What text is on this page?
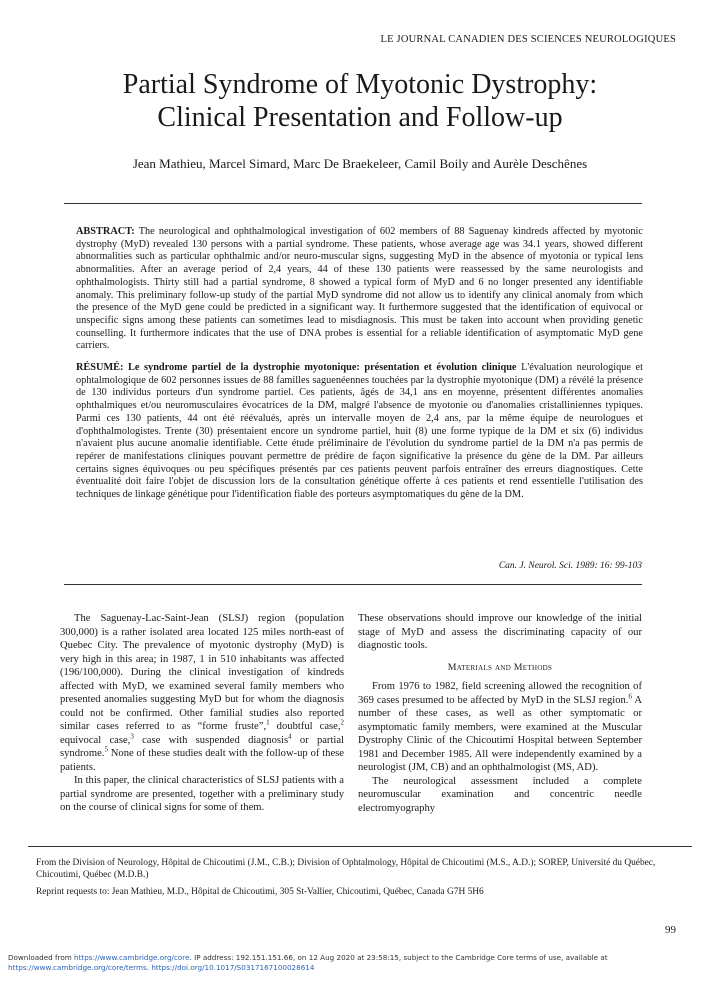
LE JOURNAL CANADIEN DES SCIENCES NEUROLOGIQUES
Partial Syndrome of Myotonic Dystrophy:
Clinical Presentation and Follow-up
Jean Mathieu, Marcel Simard, Marc De Braekeleer, Camil Boily and Aurèle Deschênes
ABSTRACT: The neurological and ophthalmological investigation of 602 members of 88 Saguenay kindreds affected by myotonic dystrophy (MyD) revealed 130 persons with a partial syndrome. These patients, whose average age was 34.1 years, showed different abnormalities such as particular ophthalmic and/or neuro-muscular signs, suggesting MyD in the absence of myotonia or typical lens abnormalities. After an average period of 2,4 years, 44 of these 130 patients were reassessed by the same neurologists and ophthalmologists. Thirty still had a partial syndrome, 8 showed a typical form of MyD and 6 no longer presented any identifiable anomaly. This preliminary follow-up study of the partial MyD syndrome did not allow us to identify any clinical anomaly from which the presence of the MyD gene could be predicted in a significant way. It furthermore suggested that the identification of equivocal or unspecific signs among these patients can sometimes lead to misdiagnosis. This must be taken into account when providing genetic counselling. It furthermore indicates that the use of DNA probes is essential for a reliable identification of asymptomatic MyD gene carriers.
RÉSUMÉ: Le syndrome partiel de la dystrophie myotonique: présentation et évolution clinique L'évaluation neurologique et ophtalmologique de 602 personnes issues de 88 familles saguenéennes touchées par la dystrophie myotonique (DM) a révélé la présence de 130 individus porteurs d'un syndrome partiel. Ces patients, âgés de 34,1 ans en moyenne, présentent différentes anomalies ophthalmiques et/ou neuromusculaires évocatrices de la DM, malgré l'absence de myotonie ou d'anomalies cristalliniennes typiques. Parmi ces 130 patients, 44 ont été réévalués, après un intervalle moyen de 2,4 ans, par la même équipe de neurologues et d'ophthalmologistes. Trente (30) présentaient encore un syndrome partiel, huit (8) une forme typique de la DM et six (6) individus n'avaient plus aucune anomalie identifiable. Cette étude préliminaire de l'évolution du syndrome partiel de la DM n'a pas permis de repérer de manifestations cliniques pouvant permettre de prédire de façon significative la présence du gène de la DM. Par ailleurs certains signes équivoques ou peu spécifiques présentés par ces patients peuvent parfois entraîner des erreurs diagnostiques. Cette éventualité doit faire l'objet de discussion lors de la consultation génétique offerte à ces patients et rend essentielle l'utilisation des techniques de linkage génétique pour l'identification fiable des porteurs asymptomatiques du gène de la DM.
Can. J. Neurol. Sci. 1989: 16: 99-103

The Saguenay-Lac-Saint-Jean (SLSJ) region (population 300,000) is a rather isolated area located 125 miles north-east of Quebec City. The prevalence of myotonic dystrophy (MyD) is very high in this area; in 1987, 1 in 510 inhabitants was affected (196/100,000). During the clinical investigation of kindreds affected with MyD, we examined several family members who presented anomalies suggesting MyD but for whom the diagnosis could not be confirmed. Other familial studies also reported similar cases referred to as “forme fruste”,$^1$ doubtful case,$^2$ equivocal case,$^3$ case with suspended diagnosis$^4$ or partial syndrome.$^5$ None of these studies dealt with the follow-up of these patients.

In this paper, the clinical characteristics of SLSJ patients with a partial syndrome are presented, together with a preliminary study on the course of clinical signs for some of them.

These observations should improve our knowledge of the initial stage of MyD and assess the discriminating capacity of our diagnostic tools.

Materials and Methods

From 1976 to 1982, field screening allowed the recognition of 369 cases presumed to be affected by MyD in the SLSJ region.$^6$ A number of these cases, as well as other symptomatic or asymptomatic family members, were examined at the Muscular Dystrophy Clinic of the Chicoutimi Hospital between September 1981 and December 1985. All were independently examined by a neurologist (JM, CB) and an ophthalmologist (MS, AD).

The neurological assessment included a complete neuromuscular examination and concentric needle electromyography

From the Division of Neurology, Hôpital de Chicoutimi (J.M., C.B.); Division of Ophtalmology, Hôpital de Chicoutimi (M.S., A.D.); SOREP, Université du Québec, Chicoutimi, Québec (M.D.B.)
Reprint requests to: Jean Mathieu, M.D., Hôpital de Chicoutimi, 305 St-Vallier, Chicoutimi, Québec, Canada G7H 5H6
99
Downloaded from https://www.cambridge.org/core. IP address: 192.151.151.66, on 12 Aug 2020 at 23:58:15, subject to the Cambridge Core terms of use, available at
https://www.cambridge.org/core/terms. https://doi.org/10.1017/S0317167100028614
